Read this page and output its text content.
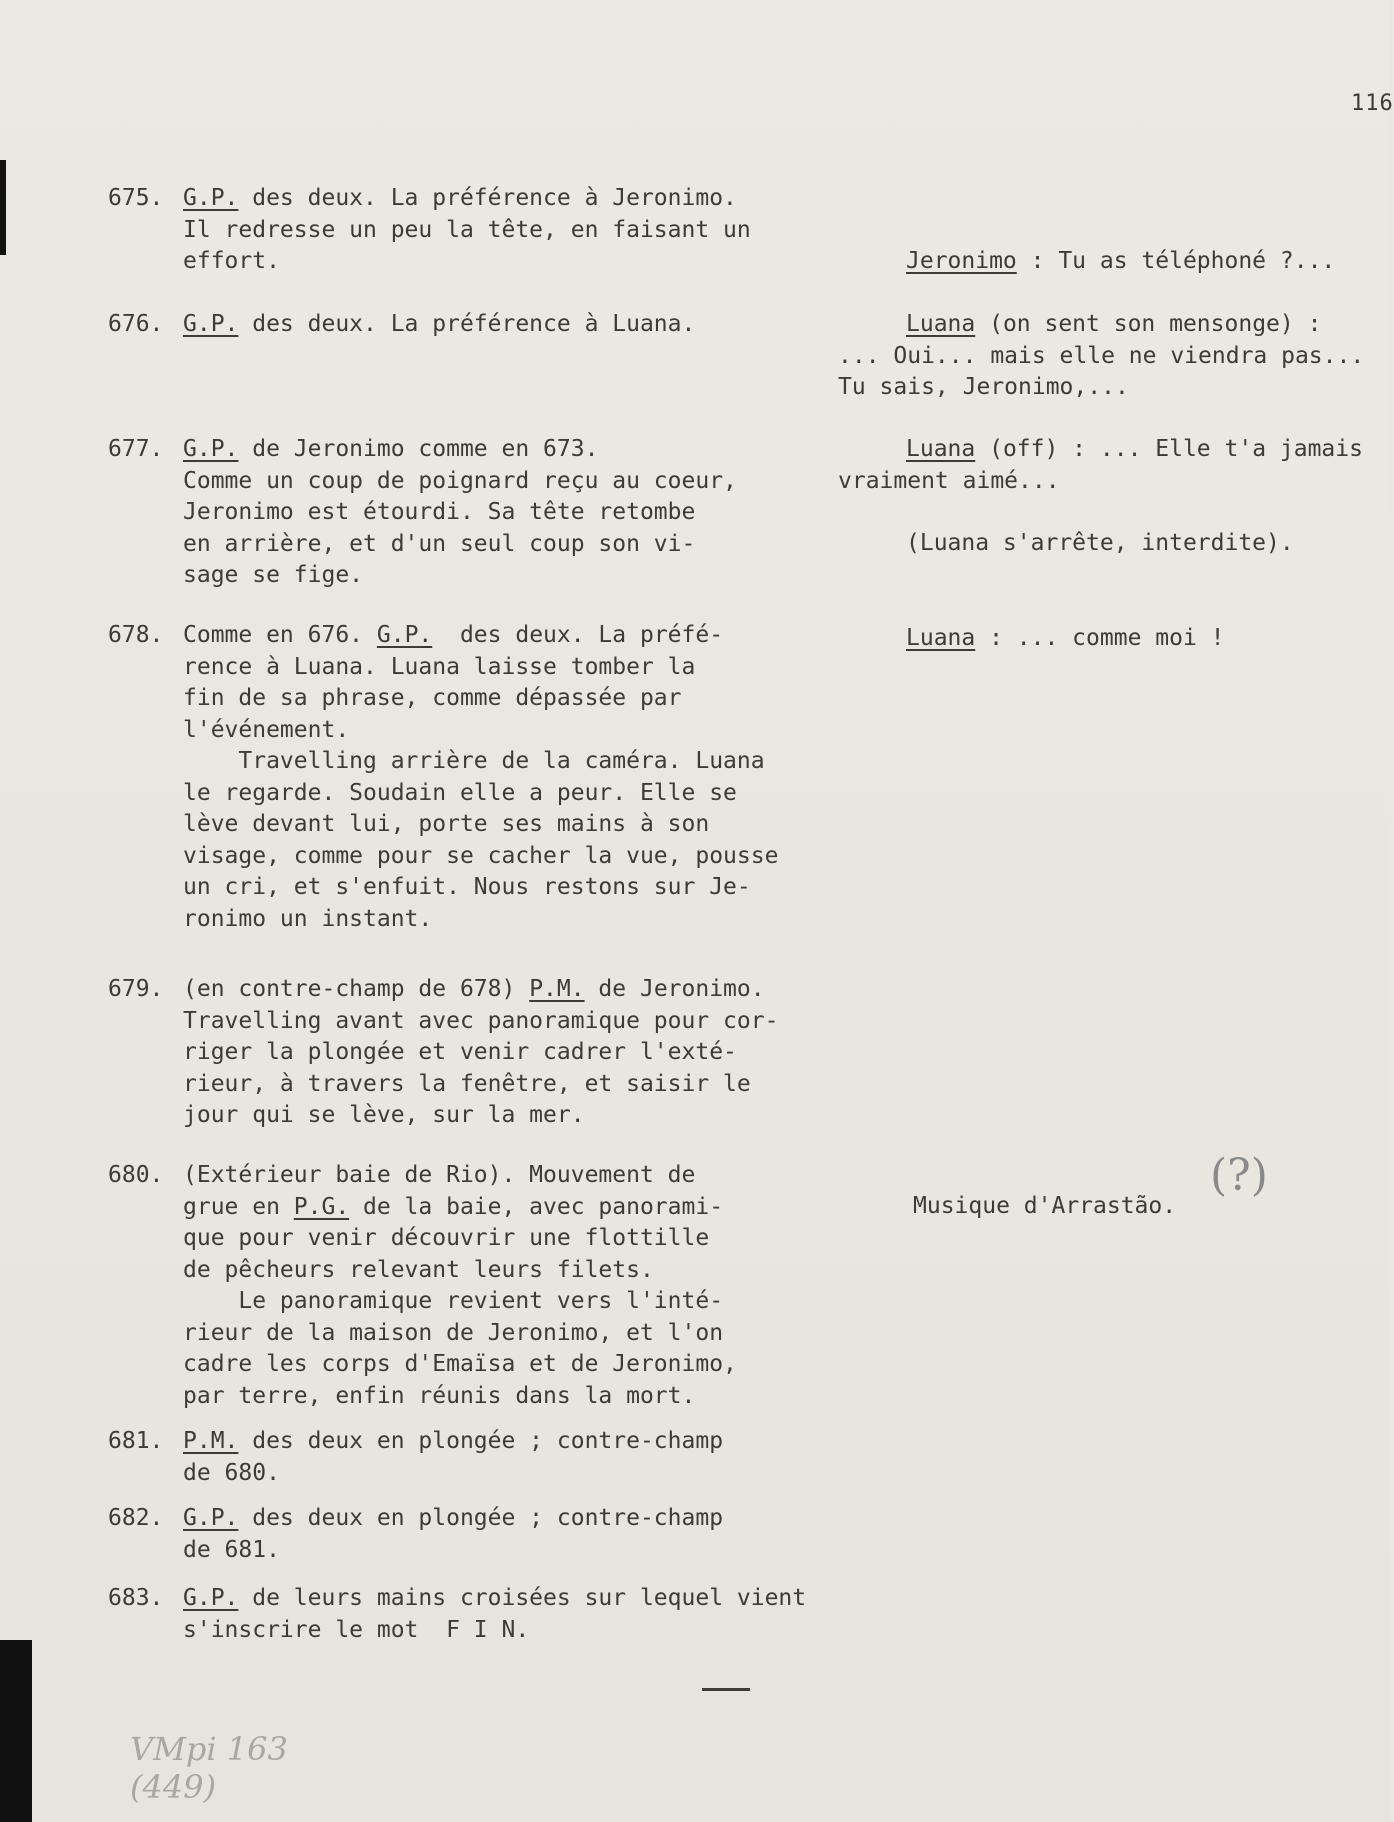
116
675. G.P. des deux. La préférence à Jeronimo.
Il redresse un peu la tête, en faisant un
effort.
676. G.P. des deux. La préférence à Luana.
677. G.P. de Jeronimo comme en 673.
Comme un coup de poignard reçu au coeur,
Jeronimo est étourdi. Sa tête retombe
en arrière, et d'un seul coup son vi-
sage se fige.
678. Comme en 676. G.P.  des deux. La préfé-
rence à Luana. Luana laisse tomber la
fin de sa phrase, comme dépassée par
l'événement.
Travelling arrière de la caméra. Luana
le regarde. Soudain elle a peur. Elle se
lève devant lui, porte ses mains à son
visage, comme pour se cacher la vue, pousse
un cri, et s'enfuit. Nous restons sur Je-
ronimo un instant.
679. (en contre-champ de 678) P.M. de Jeronimo.
Travelling avant avec panoramique pour cor-
riger la plongée et venir cadrer l'exté-
rieur, à travers la fenêtre, et saisir le
jour qui se lève, sur la mer.
680. (Extérieur baie de Rio). Mouvement de
grue en P.G. de la baie, avec panorami-
que pour venir découvrir une flottille
de pêcheurs relevant leurs filets.
Le panoramique revient vers l'inté-
rieur de la maison de Jeronimo, et l'on
cadre les corps d'Emaïsa et de Jeronimo,
par terre, enfin réunis dans la mort.
681. P.M. des deux en plongée ; contre-champ
de 680.
682. G.P. des deux en plongée ; contre-champ
de 681.
683. G.P. de leurs mains croisées sur lequel vient
s'inscrire le mot  F I N.
Jeronimo : Tu as téléphoné ?...
Luana (on sent son mensonge) :
... Oui... mais elle ne viendra pas...
Tu sais, Jeronimo,...
Luana (off) : ... Elle t'a jamais
vraiment aimé...
(Luana s'arrête, interdite).
Luana : ... comme moi !
Musique d'Arrastão.
(?)
VMpi 163
(449)
